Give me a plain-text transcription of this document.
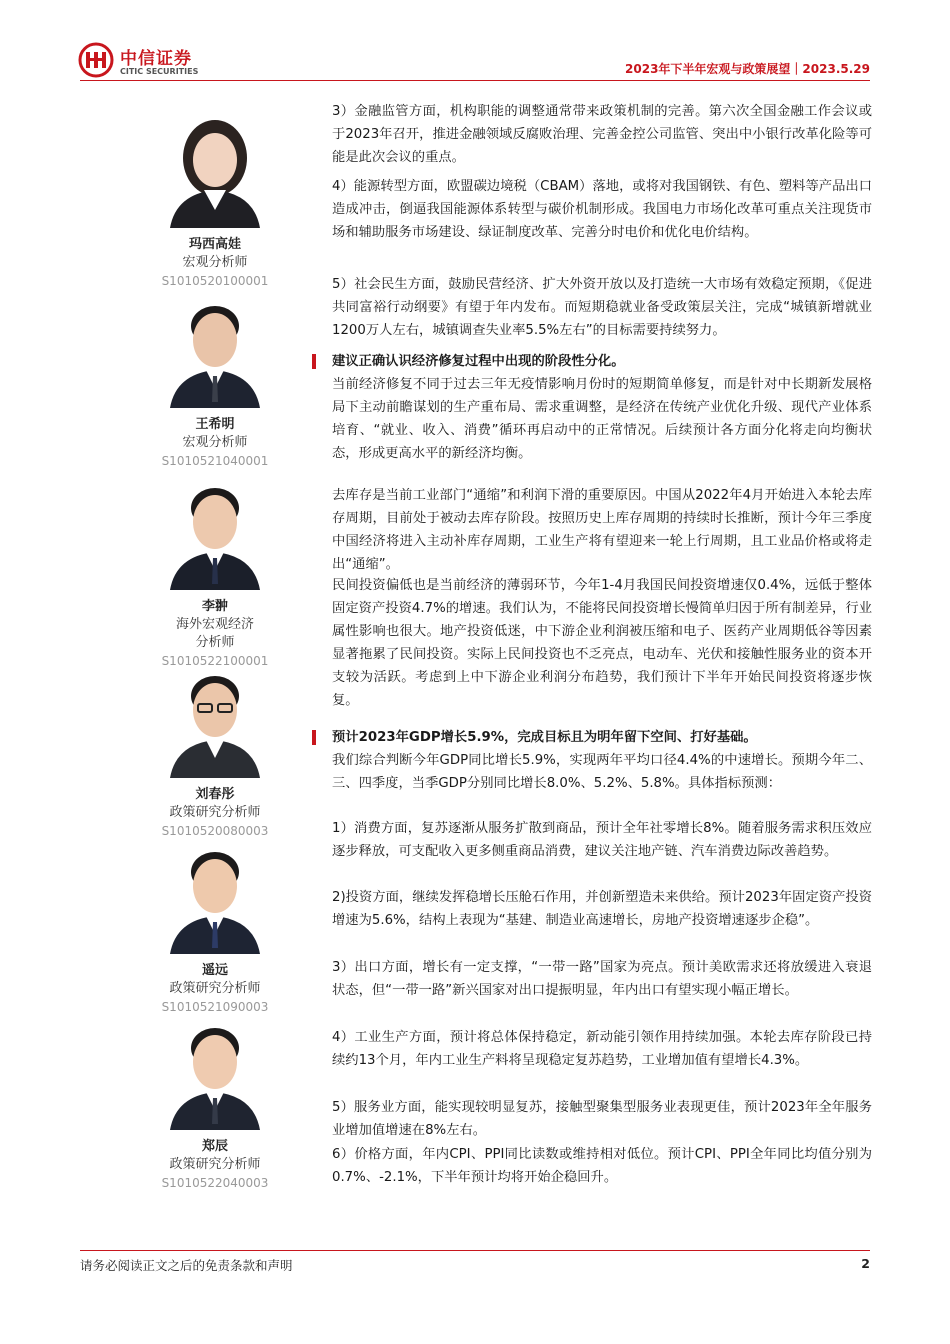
中信证券
CITIC SECURITIES	2023年下半年宏观与政策展望｜2023.5.29
玛西高娃
宏观分析师
S1010520100001
王希明
宏观分析师
S1010521040001
李翀
海外宏观经济
分析师
S1010522100001
刘春彤
政策研究分析师
S1010520080003
遥远
政策研究分析师
S1010521090003
郑辰
政策研究分析师
S1010522040003
3）金融监管方面，机构职能的调整通常带来政策机制的完善。第六次全国金融工作会议或于2023年召开，推进金融领域反腐败治理、完善金控公司监管、突出中小银行改革化险等可能是此次会议的重点。
4）能源转型方面，欧盟碳边境税（CBAM）落地，或将对我国钢铁、有色、塑料等产品出口造成冲击，倒逼我国能源体系转型与碳价机制形成。我国电力市场化改革可重点关注现货市场和辅助服务市场建设、绿证制度改革、完善分时电价和优化电价结构。
5）社会民生方面，鼓励民营经济、扩大外资开放以及打造统一大市场有效稳定预期，《促进共同富裕行动纲要》有望于年内发布。而短期稳就业备受政策层关注，完成“城镇新增就业1200万人左右，城镇调查失业率5.5%左右”的目标需要持续努力。
建议正确认识经济修复过程中出现的阶段性分化。
当前经济修复不同于过去三年无疫情影响月份时的短期简单修复，而是针对中长期新发展格局下主动前瞻谋划的生产重布局、需求重调整，是经济在传统产业优化升级、现代产业体系培育、“就业、收入、消费”循环再启动中的正常情况。后续预计各方面分化将走向均衡状态，形成更高水平的新经济均衡。
去库存是当前工业部门“通缩”和利润下滑的重要原因。中国从2022年4月开始进入本轮去库存周期，目前处于被动去库存阶段。按照历史上库存周期的持续时长推断，预计今年三季度中国经济将进入主动补库存周期，工业生产将有望迎来一轮上行周期，且工业品价格或将走出“通缩”。
民间投资偏低也是当前经济的薄弱环节，今年1-4月我国民间投资增速仅0.4%，远低于整体固定资产投资4.7%的增速。我们认为，不能将民间投资增长慢简单归因于所有制差异，行业属性影响也很大。地产投资低迷，中下游企业利润被压缩和电子、医药产业周期低谷等因素显著拖累了民间投资。实际上民间投资也不乏亮点，电动车、光伏和接触性服务业的资本开支较为活跃。考虑到上中下游企业利润分布趋势，我们预计下半年开始民间投资将逐步恢复。
预计2023年GDP增长5.9%，完成目标且为明年留下空间、打好基础。
我们综合判断今年GDP同比增长5.9%，实现两年平均口径4.4%的中速增长。预期今年二、三、四季度，当季GDP分别同比增长8.0%、5.2%、5.8%。具体指标预测：
1）消费方面，复苏逐渐从服务扩散到商品，预计全年社零增长8%。随着服务需求积压效应逐步释放，可支配收入更多侧重商品消费，建议关注地产链、汽车消费边际改善趋势。
2)投资方面，继续发挥稳增长压舱石作用，并创新塑造未来供给。预计2023年固定资产投资增速为5.6%，结构上表现为“基建、制造业高速增长，房地产投资增速逐步企稳”。
3）出口方面，增长有一定支撑，“一带一路”国家为亮点。预计美欧需求还将放缓进入衰退状态，但“一带一路”新兴国家对出口提振明显，年内出口有望实现小幅正增长。
4）工业生产方面，预计将总体保持稳定，新动能引领作用持续加强。本轮去库存阶段已持续约13个月，年内工业生产料将呈现稳定复苏趋势，工业增加值有望增长4.3%。
5）服务业方面，能实现较明显复苏，接触型聚集型服务业表现更佳，预计2023年全年服务业增加值增速在8%左右。
6）价格方面，年内CPI、PPI同比读数或维持相对低位。预计CPI、PPI全年同比均值分别为0.7%、-2.1%，下半年预计均将开始企稳回升。
请务必阅读正文之后的免责条款和声明	2
